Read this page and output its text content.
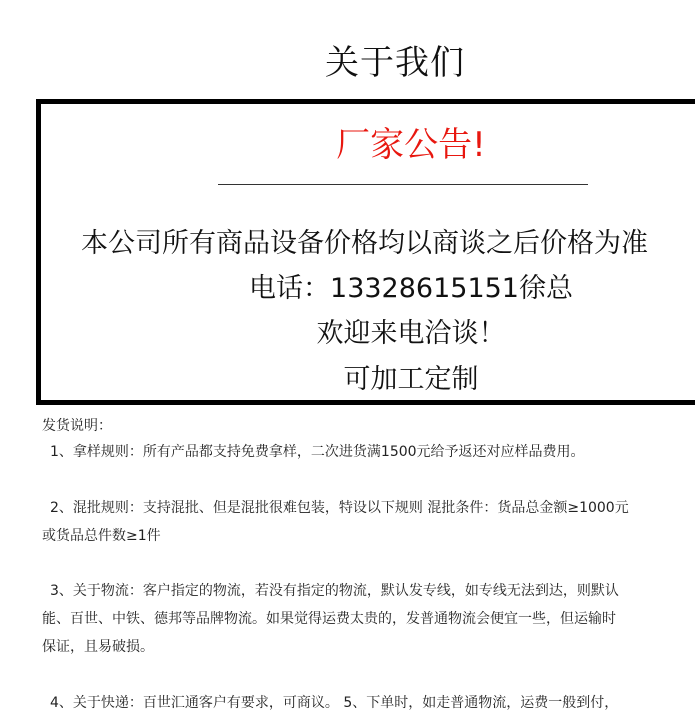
关于我们
厂家公告!
本公司所有商品设备价格均以商谈之后价格为准
电话：13328615151徐总
欢迎来电洽谈！
可加工定制
发货说明：
1、拿样规则：所有产品都支持免费拿样，二次进货满1500元给予返还对应样品费用。
2、混批规则：支持混批、但是混批很难包装，特设以下规则 混批条件：货品总金额≥1000元
或货品总件数≥1件
3、关于物流：客户指定的物流，若没有指定的物流，默认发专线，如专线无法到达，则默认
能、百世、中铁、德邦等品牌物流。如果觉得运费太贵的，发普通物流会便宜一些，但运输时
保证，且易破损。
4、关于快递：百世汇通客户有要求，可商议。 5、下单时，如走普通物流，运费一般到付，
